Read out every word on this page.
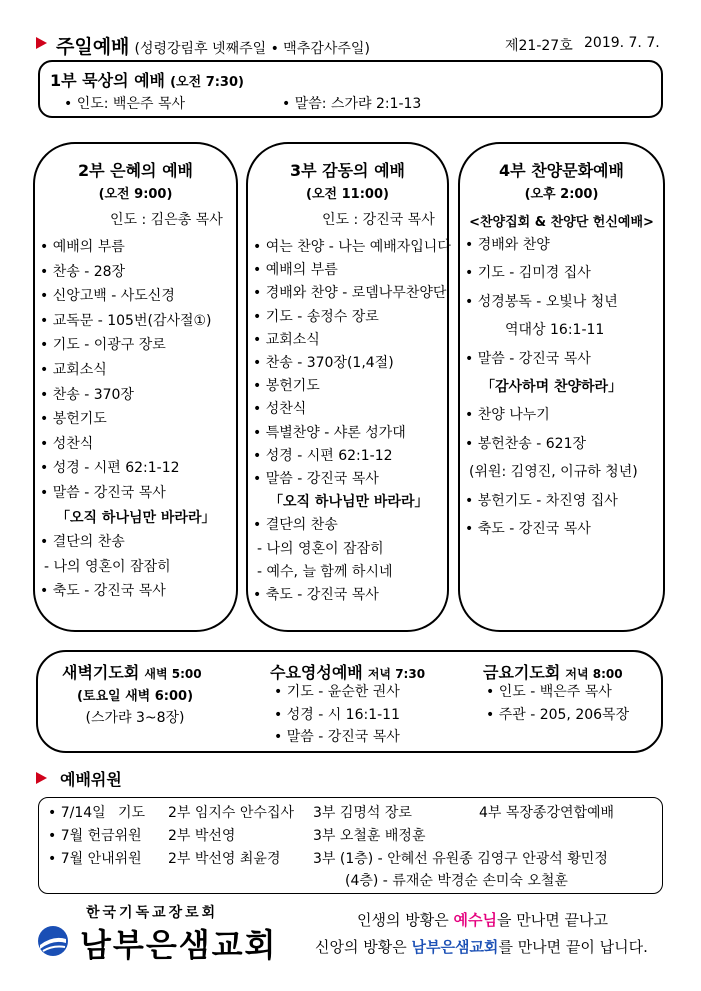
주일예배 (성령강림후 넷째주일 • 맥추감사주일)	제21-27호 2019. 7. 7.
1부 묵상의 예배 (오전 7:30)
• 인도: 백은주 목사	• 말씀: 스가랴 2:1-13
2부 은혜의 예배
(오전 9:00)
인도 : 김은총 목사
• 예배의 부름
• 찬송 - 28장
• 신앙고백 - 사도신경
• 교독문 - 105번(감사절①)
• 기도 - 이광구 장로
• 교회소식
• 찬송 - 370장
• 봉헌기도
• 성찬식
• 성경 - 시편 62:1-12
• 말씀 - 강진국 목사
「오직 하나님만 바라라」
• 결단의 찬송
- 나의 영혼이 잠잠히
• 축도 - 강진국 목사
3부 감동의 예배
(오전 11:00)
인도 : 강진국 목사
• 여는 찬양 - 나는 예배자입니다
• 예배의 부름
• 경배와 찬양 - 로뎀나무찬양단
• 기도 - 송정수 장로
• 교회소식
• 찬송 - 370장(1,4절)
• 봉헌기도
• 성찬식
• 특별찬양 - 샤론 성가대
• 성경 - 시편 62:1-12
• 말씀 - 강진국 목사
「오직 하나님만 바라라」
• 결단의 찬송
- 나의 영혼이 잠잠히
- 예수, 늘 함께 하시네
• 축도 - 강진국 목사
4부 찬양문화예배
(오후 2:00)
<찬양집회 & 찬양단 헌신예배>
• 경배와 찬양
• 기도 - 김미경 집사
• 성경봉독 - 오빛나 청년
역대상 16:1-11
• 말씀 - 강진국 목사
「감사하며 찬양하라」
• 찬양 나누기
• 봉헌찬송 - 621장
(위원: 김영진, 이규하 청년)
• 봉헌기도 - 차진영 집사
• 축도 - 강진국 목사
새벽기도회 새벽 5:00
(토요일 새벽 6:00)
(스가랴 3~8장)
수요영성예배 저녁 7:30
• 기도 - 윤순한 권사
• 성경 - 시 16:1-11
• 말씀 - 강진국 목사
금요기도회 저녁 8:00
• 인도 - 백은주 목사
• 주관 - 205, 206목장
예배위원
• 7/14일 기도 2부 임지수 안수집사 3부 김명석 장로	4부 목장종강연합예배
• 7월 헌금위원 2부 박선영	3부 오철훈 배정훈
• 7월 안내위원 2부 박선영 최윤경 3부 (1층) - 안혜선 유원종 김영구 안광석 황민정
(4층) - 류재순 박경순 손미숙 오철훈
한국기독교장로회
남부은샘교회
인생의 방황은 예수님을 만나면 끝나고
신앙의 방황은 남부은샘교회를 만나면 끝이 납니다.
